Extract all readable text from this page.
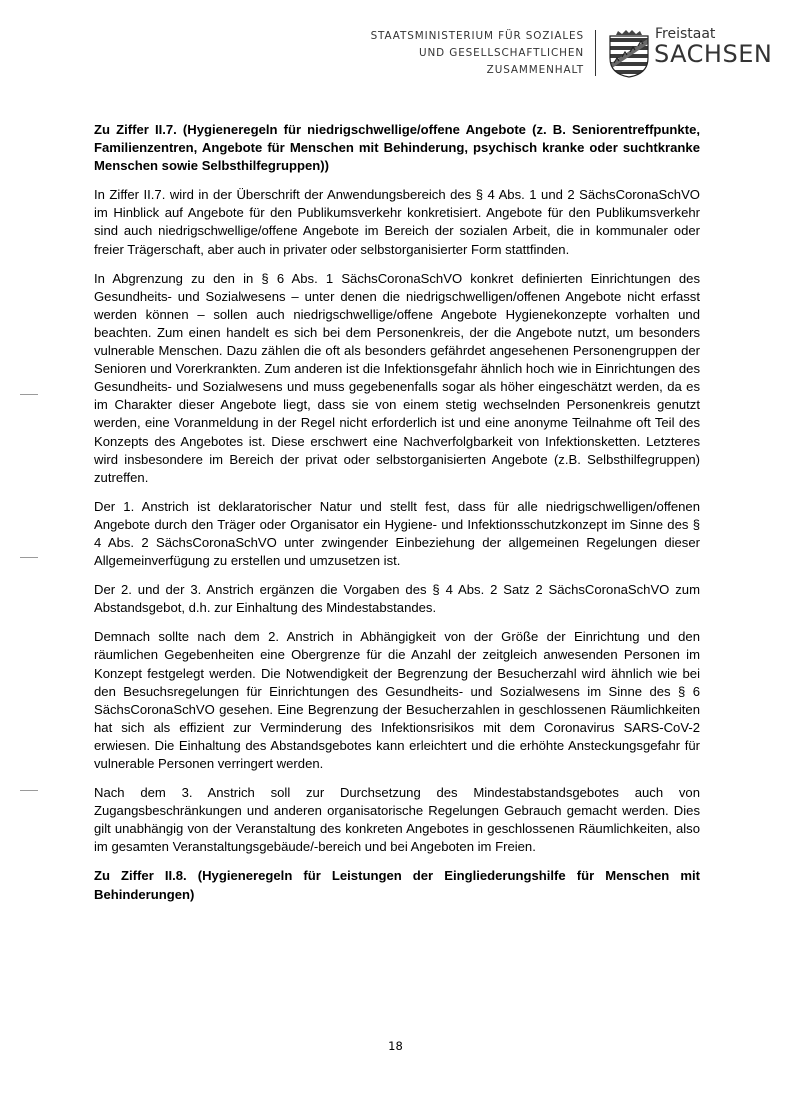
STAATSMINISTERIUM FÜR SOZIALES
UND GESELLSCHAFTLICHEN
ZUSAMMENHALT
Freistaat
SACHSEN

Zu Ziffer II.7. (Hygieneregeln für niedrigschwellige/offene Angebote (z. B. Seniorentreffpunkte, Familienzentren, Angebote für Menschen mit Behinderung, psychisch kranke oder suchtkranke Menschen sowie Selbsthilfegruppen))

In Ziffer II.7. wird in der Überschrift der Anwendungsbereich des § 4 Abs. 1 und 2 SächsCoronaSchVO im Hinblick auf Angebote für den Publikumsverkehr konkretisiert. Angebote für den Publikumsverkehr sind auch niedrigschwellige/offene Angebote im Bereich der sozialen Arbeit, die in kommunaler oder freier Trägerschaft, aber auch in privater oder selbstorganisierter Form stattfinden.

In Abgrenzung zu den in § 6 Abs. 1 SächsCoronaSchVO konkret definierten Einrichtungen des Gesundheits- und Sozialwesens – unter denen die niedrigschwelligen/offenen Angebote nicht erfasst werden können – sollen auch niedrigschwellige/offene Angebote Hygienekonzepte vorhalten und beachten. Zum einen handelt es sich bei dem Personenkreis, der die Angebote nutzt, um besonders vulnerable Menschen. Dazu zählen die oft als besonders gefährdet angesehenen Personengruppen der Senioren und Vorerkrankten. Zum anderen ist die Infektionsgefahr ähnlich hoch wie in Einrichtungen des Gesundheits- und Sozialwesens und muss gegebenenfalls sogar als höher eingeschätzt werden, da es im Charakter dieser Angebote liegt, dass sie von einem stetig wechselnden Personenkreis genutzt werden, eine Voranmeldung in der Regel nicht erforderlich ist und eine anonyme Teilnahme oft Teil des Konzepts des Angebotes ist. Diese erschwert eine Nachverfolgbarkeit von Infektionsketten. Letzteres wird insbesondere im Bereich der privat oder selbstorganisierten Angebote (z.B. Selbsthilfegruppen) zutreffen.

Der 1. Anstrich ist deklaratorischer Natur und stellt fest, dass für alle niedrigschwelligen/offenen Angebote durch den Träger oder Organisator ein Hygiene- und Infektionsschutzkonzept im Sinne des § 4 Abs. 2 SächsCoronaSchVO unter zwingender Einbeziehung der allgemeinen Regelungen dieser Allgemeinverfügung zu erstellen und umzusetzen ist.

Der 2. und der 3. Anstrich ergänzen die Vorgaben des § 4 Abs. 2 Satz 2 SächsCoronaSchVO zum Abstandsgebot, d.h. zur Einhaltung des Mindestabstandes.

Demnach sollte nach dem 2. Anstrich in Abhängigkeit von der Größe der Einrichtung und den räumlichen Gegebenheiten eine Obergrenze für die Anzahl der zeitgleich anwesenden Personen im Konzept festgelegt werden. Die Notwendigkeit der Begrenzung der Besucherzahl wird ähnlich wie bei den Besuchsregelungen für Einrichtungen des Gesundheits- und Sozialwesens im Sinne des § 6 SächsCoronaSchVO gesehen. Eine Begrenzung der Besucherzahlen in geschlossenen Räumlichkeiten hat sich als effizient zur Verminderung des Infektionsrisikos mit dem Coronavirus SARS-CoV-2 erwiesen. Die Einhaltung des Abstandsgebotes kann erleichtert und die erhöhte Ansteckungsgefahr für vulnerable Personen verringert werden.

Nach dem 3. Anstrich soll zur Durchsetzung des Mindestabstandsgebotes auch von Zugangsbeschränkungen und anderen organisatorische Regelungen Gebrauch gemacht werden. Dies gilt unabhängig von der Veranstaltung des konkreten Angebotes in geschlossenen Räumlichkeiten, also im gesamten Veranstaltungsgebäude/-bereich und bei Angeboten im Freien.

Zu Ziffer II.8. (Hygieneregeln für Leistungen der Eingliederungshilfe für Menschen mit Behinderungen)

18
